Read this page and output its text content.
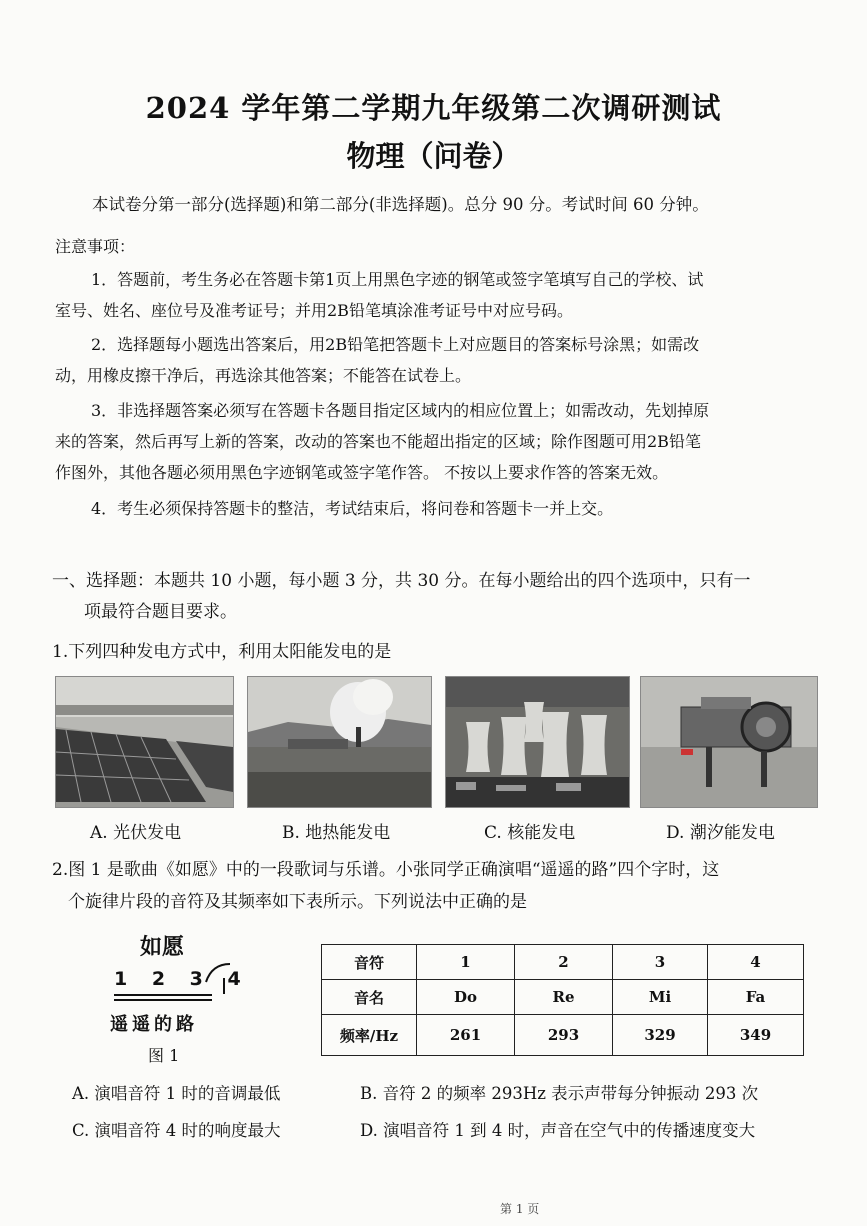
2024 学年第二学期九年级第二次调研测试
物理（问卷）
本试卷分第一部分(选择题)和第二部分(非选择题)。总分 90 分。考试时间 60 分钟。
注意事项：
1．答题前，考生务必在答题卡第1页上用黑色字迹的钢笔或签字笔填写自己的学校、试
室号、姓名、座位号及准考证号；并用2B铅笔填涂准考证号中对应号码。
2．选择题每小题选出答案后，用2B铅笔把答题卡上对应题目的答案标号涂黑；如需改
动，用橡皮擦干净后，再选涂其他答案；不能答在试卷上。
3．非选择题答案必须写在答题卡各题目指定区域内的相应位置上；如需改动，先划掉原
来的答案，然后再写上新的答案，改动的答案也不能超出指定的区域；除作图题可用2B铅笔
作图外，其他各题必须用黑色字迹钢笔或签字笔作答。 不按以上要求作答的答案无效。
4．考生必须保持答题卡的整洁，考试结束后，将问卷和答题卡一并上交。
一、选择题：本题共 10 小题，每小题 3 分，共 30 分。在每小题给出的四个选项中，只有一
项最符合题目要求。
1.下列四种发电方式中，利用太阳能发电的是
A. 光伏发电	B. 地热能发电	C. 核能发电	D. 潮汐能发电
2.图 1 是歌曲《如愿》中的一段歌词与乐谱。小张同学正确演唱“遥遥的路”四个字时，这
个旋律片段的音符及其频率如下表所示。下列说法中正确的是
如愿
1 2 3 4
遥遥的路
图 1
音符	1	2	3	4
音名	Do	Re	Mi	Fa
频率/Hz	261	293	329	349
A. 演唱音符 1 时的音调最低	B. 音符 2 的频率 293Hz 表示声带每分钟振动 293 次
C. 演唱音符 4 时的响度最大	D. 演唱音符 1 到 4 时，声音在空气中的传播速度变大
第 1 页
